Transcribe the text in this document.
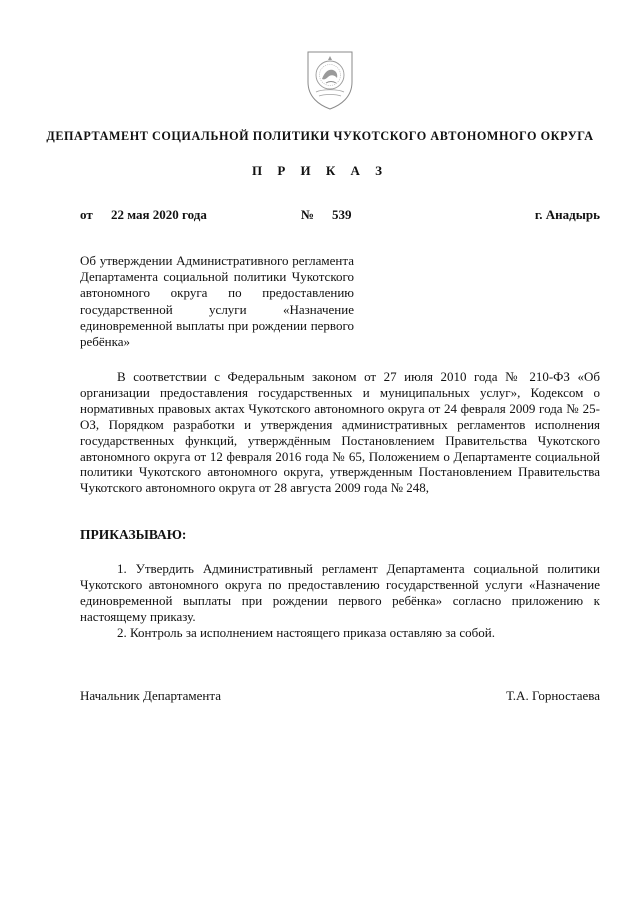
ДЕПАРТАМЕНТ СОЦИАЛЬНОЙ ПОЛИТИКИ ЧУКОТСКОГО АВТОНОМНОГО ОКРУГА
П Р И К А З
от 22 мая 2020 года	№ 539	г. Анадырь
Об утверждении Административного регламента Департамента социальной политики Чукотского автономного округа по предоставлению государственной услуги «Назначение единовременной выплаты при рождении первого ребёнка»
В соответствии с Федеральным законом от 27 июля 2010 года № 210-ФЗ «Об организации предоставления государственных и муниципальных услуг», Кодексом о нормативных правовых актах Чукотского автономного округа от 24 февраля 2009 года № 25-ОЗ, Порядком разработки и утверждения административных регламентов исполнения государственных функций, утверждённым Постановлением Правительства Чукотского автономного округа от 12 февраля 2016 года № 65, Положением о Департаменте социальной политики Чукотского автономного округа, утвержденным Постановлением Правительства Чукотского автономного округа от 28 августа 2009 года № 248,
ПРИКАЗЫВАЮ:

1. Утвердить Административный регламент Департамента социальной политики Чукотского автономного округа по предоставлению государственной услуги «Назначение единовременной выплаты при рождении первого ребёнка» согласно приложению к настоящему приказу.

2. Контроль за исполнением настоящего приказа оставляю за собой.

Начальник Департамента	Т.А. Горностаева
